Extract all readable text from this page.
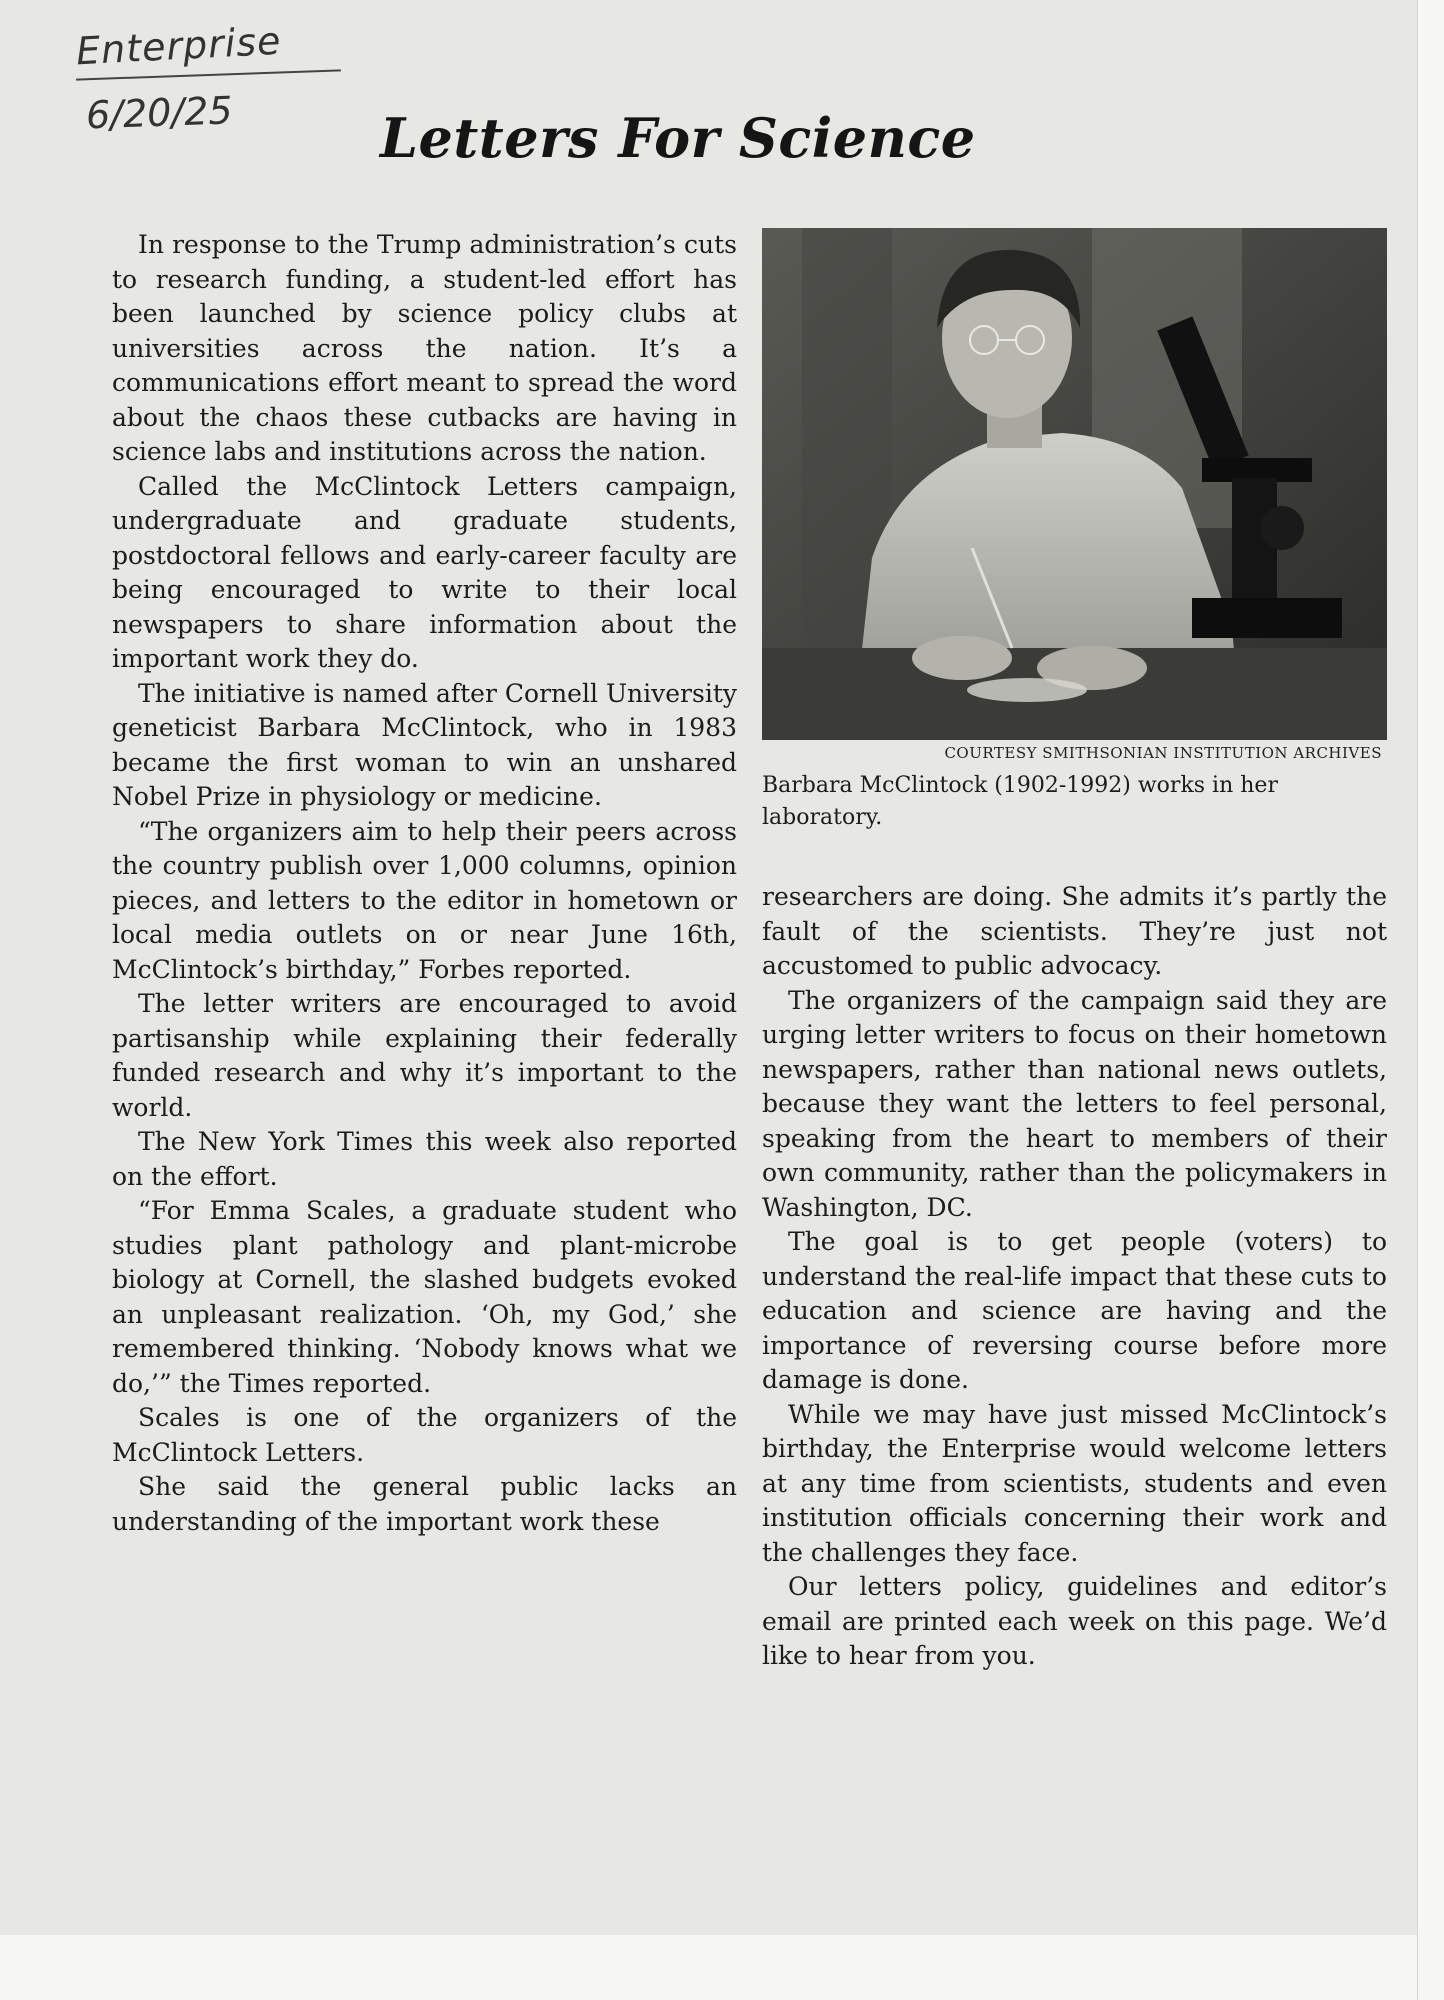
Enterprise
6/20/25	Letters For Science

In response to the Trump administration’s cuts to research funding, a student-led effort has been launched by science policy clubs at universities across the nation. It’s a communications effort meant to spread the word about the chaos these cutbacks are having in science labs and institutions across the nation.

Called the McClintock Letters campaign, undergraduate and graduate students, postdoctoral fellows and early-career faculty are being encouraged to write to their local newspapers to share information about the important work they do.

The initiative is named after Cornell University geneticist Barbara McClintock, who in 1983 became the first woman to win an unshared Nobel Prize in physiology or medicine.

“The organizers aim to help their peers across the country publish over 1,000 columns, opinion pieces, and letters to the editor in hometown or local media outlets on or near June 16th, McClintock’s birthday,” Forbes reported.

The letter writers are encouraged to avoid partisanship while explaining their federally funded research and why it’s important to the world.

The New York Times this week also reported on the effort.

“For Emma Scales, a graduate student who studies plant pathology and plant-microbe biology at Cornell, the slashed budgets evoked an unpleasant realization. ‘Oh, my God,’ she remembered thinking. ‘Nobody knows what we do,’” the Times reported.

Scales is one of the organizers of the McClintock Letters.

She said the general public lacks an understanding of the important work these

COURTESY SMITHSONIAN INSTITUTION ARCHIVES
Barbara McClintock (1902-1992) works in her laboratory.

researchers are doing. She admits it’s partly the fault of the scientists. They’re just not accustomed to public advocacy.

The organizers of the campaign said they are urging letter writers to focus on their hometown newspapers, rather than national news outlets, because they want the letters to feel personal, speaking from the heart to members of their own community, rather than the policymakers in Washington, DC.

The goal is to get people (voters) to understand the real-life impact that these cuts to education and science are having and the importance of reversing course before more damage is done.

While we may have just missed McClintock’s birthday, the Enterprise would welcome letters at any time from scientists, students and even institution officials concerning their work and the challenges they face.

Our letters policy, guidelines and editor’s email are printed each week on this page. We’d like to hear from you.
